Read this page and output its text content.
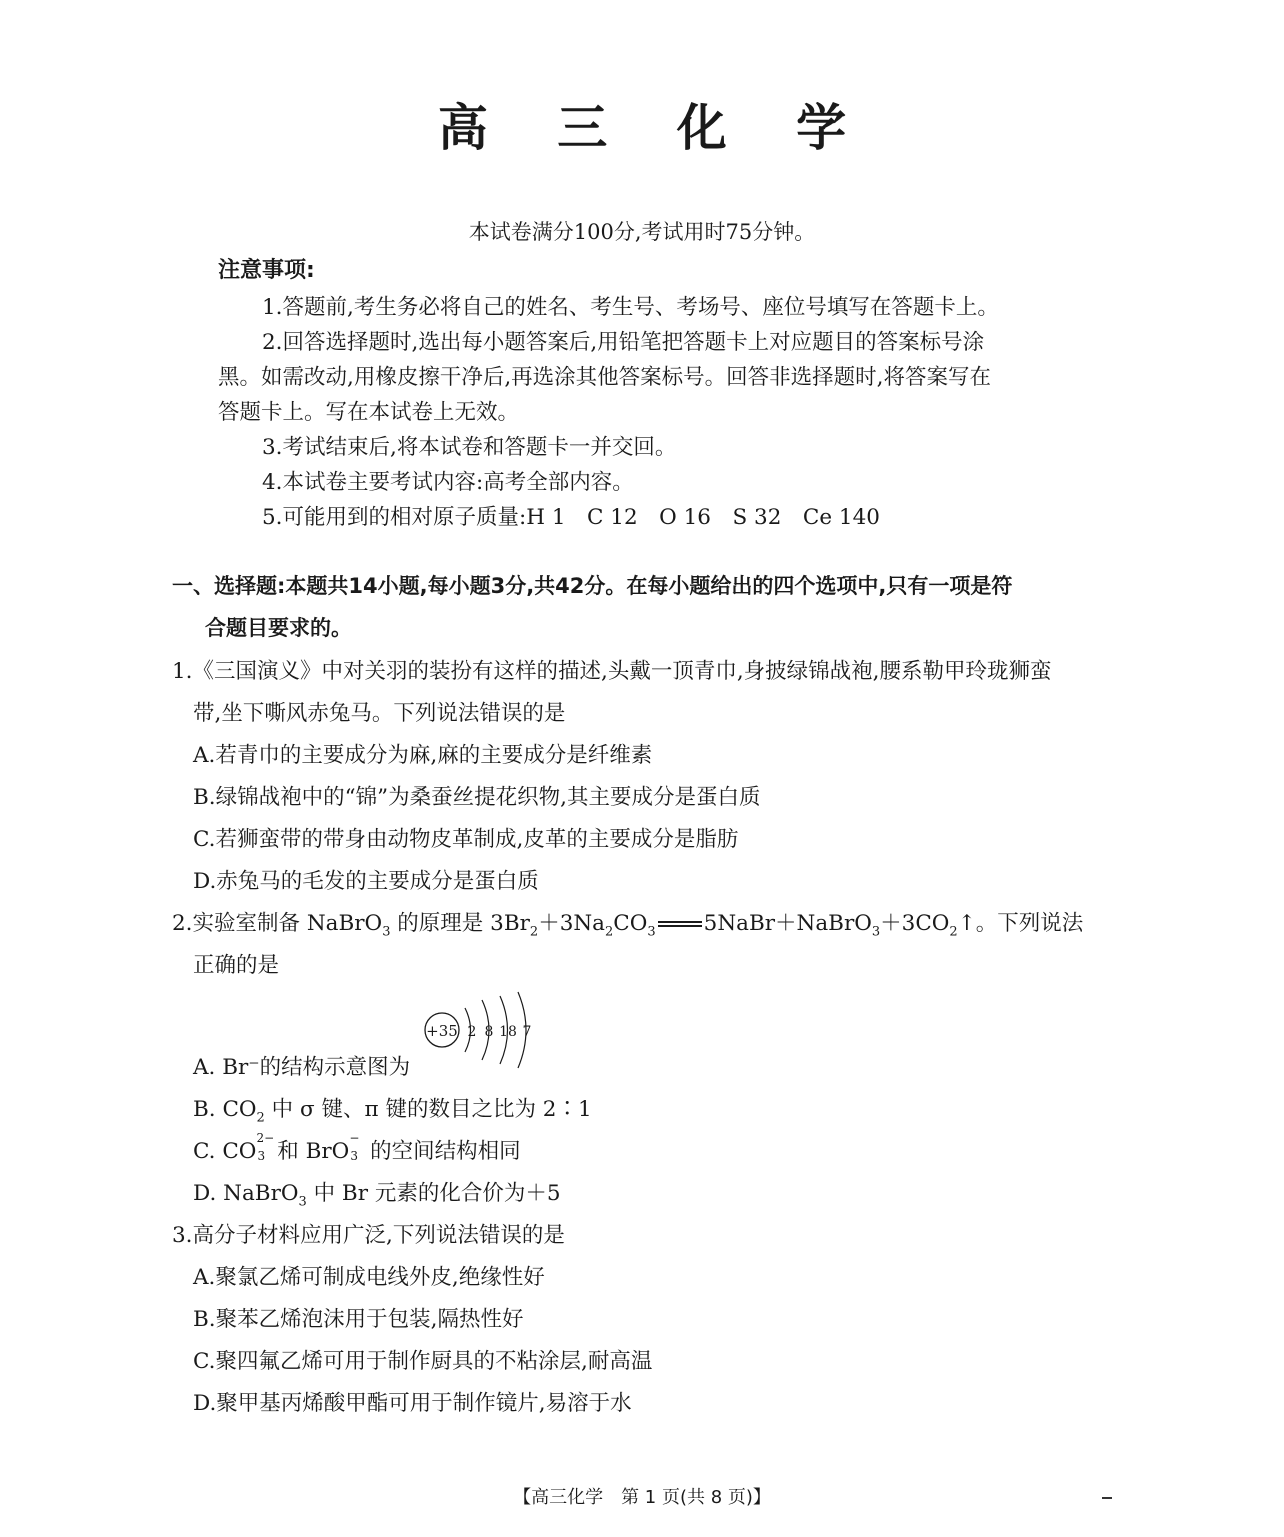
高 三 化 学
本试卷满分100分,考试用时75分钟。
注意事项:
1.答题前,考生务必将自己的姓名、考生号、考场号、座位号填写在答题卡上。
2.回答选择题时,选出每小题答案后,用铅笔把答题卡上对应题目的答案标号涂
黑。如需改动,用橡皮擦干净后,再选涂其他答案标号。回答非选择题时,将答案写在
答题卡上。写在本试卷上无效。
3.考试结束后,将本试卷和答题卡一并交回。
4.本试卷主要考试内容:高考全部内容。
5.可能用到的相对原子质量:H 1　C 12　O 16　S 32　Ce 140
一、选择题:本题共14小题,每小题3分,共42分。在每小题给出的四个选项中,只有一项是符
合题目要求的。
1.《三国演义》中对关羽的装扮有这样的描述,头戴一顶青巾,身披绿锦战袍,腰系勒甲玲珑狮蛮
带,坐下嘶风赤兔马。下列说法错误的是
A.若青巾的主要成分为麻,麻的主要成分是纤维素
B.绿锦战袍中的“锦”为桑蚕丝提花织物,其主要成分是蛋白质
C.若狮蛮带的带身由动物皮革制成,皮革的主要成分是脂肪
D.赤兔马的毛发的主要成分是蛋白质
2.实验室制备 NaBrO$_3$ 的原理是 $3Br_2+3Na_2CO_3$ $5NaBr+NaBrO_3+3CO_2↑$。下列说法
正确的是
A. Br⁻的结构示意图为
+35 2 8 18 7
B. $CO_2$ 中 σ 键、π 键的数目之比为 2∶1
C. CO
2−
3 和 BrO
−
3 的空间结构相同
D. NaBrO$_3$ 中 Br 元素的化合价为＋5
3.高分子材料应用广泛,下列说法错误的是
A.聚氯乙烯可制成电线外皮,绝缘性好
B.聚苯乙烯泡沫用于包装,隔热性好
C.聚四氟乙烯可用于制作厨具的不粘涂层,耐高温
D.聚甲基丙烯酸甲酯可用于制作镜片,易溶于水
【高三化学　第 1 页(共 8 页)】
